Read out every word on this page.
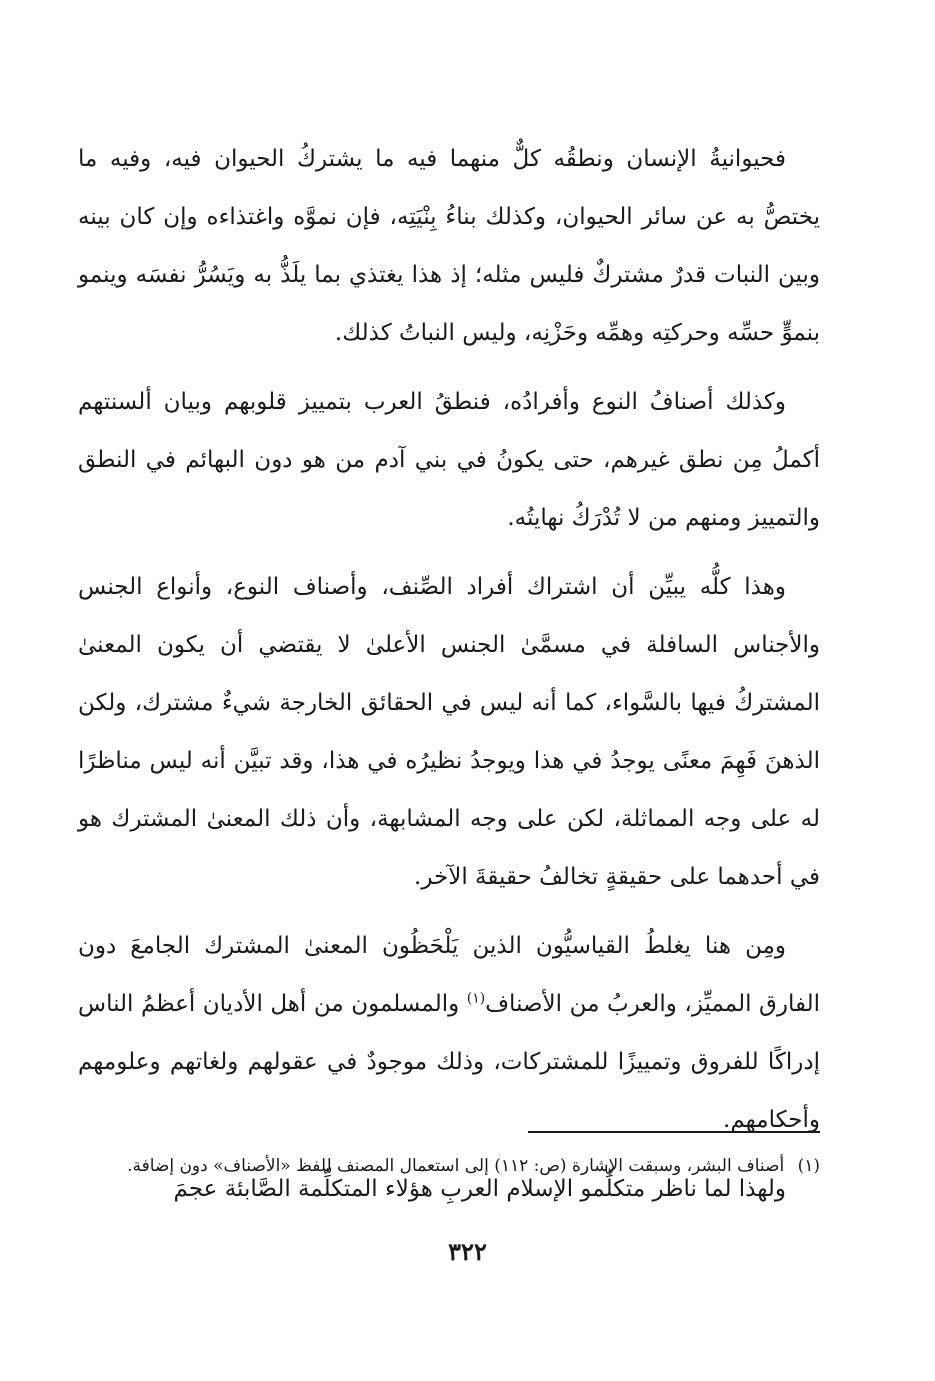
فحيوانيةُ الإنسان ونطقُه كلٌّ منهما فيه ما يشتركُ الحيوان فيه، وفيه ما يختصُّ به عن سائر الحيوان، وكذلك بناءُ بِنْيَتِه، فإن نموَّه واغتذاءه وإن كان بينه وبين النبات قدرٌ مشتركٌ فليس مثله؛ إذ هذا يغتذي بما يلَذُّ به ويَسُرُّ نفسَه وينمو بنموٍّ حسِّه وحركتِه وهمِّه وحَزْنِه، وليس النباتُ كذلك.

وكذلك أصنافُ النوع وأفرادُه، فنطقُ العرب بتمييز قلوبهم وبيان ألسنتهم أكملُ مِن نطق غيرهم، حتى يكونُ في بني آدم من هو دون البهائم في النطق والتمييز ومنهم من لا تُدْرَكُ نهايتُه.

وهذا كلُّه يبيِّن أن اشتراك أفراد الصِّنف، وأصناف النوع، وأنواع الجنس والأجناس السافلة في مسمَّىٰ الجنس الأعلىٰ لا يقتضي أن يكون المعنىٰ المشتركُ فيها بالسَّواء، كما أنه ليس في الحقائق الخارجة شيءٌ مشترك، ولكن الذهنَ فَهِمَ معنًى يوجدُ في هذا ويوجدُ نظيرُه في هذا، وقد تبيَّن أنه ليس مناظرًا له على وجه المماثلة، لكن على وجه المشابهة، وأن ذلك المعنىٰ المشترك هو في أحدهما على حقيقةٍ تخالفُ حقيقةَ الآخر.

ومِن هنا يغلطُ القياسيُّون الذين يَلْحَظُون المعنىٰ المشترك الجامعَ دون الفارق المميِّز، والعربُ من الأصناف$^{(١)}$ والمسلمون من أهل الأديان أعظمُ الناس إدراكًا للفروق وتمييزًا للمشتركات، وذلك موجودٌ في عقولهم ولغاتهم وعلومهم وأحكامهم.

ولهذا لما ناظر متكلِّمو الإسلام العربِ هؤلاء المتكلِّمة الصَّابئة عجمَ

(١) أصناف البشر، وسبقت الإشارة (ص: ١١٢) إلى استعمال المصنف للفظ «الأصناف» دون إضافة.
٣٢٢
